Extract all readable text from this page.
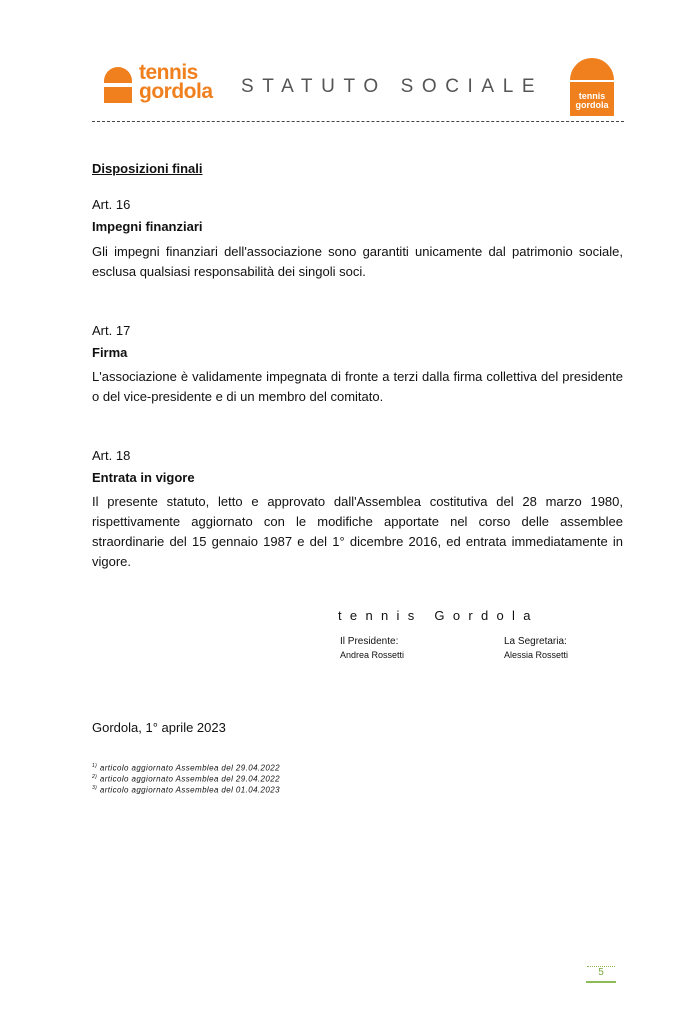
tennis
gordola STATUTO SOCIALE	tennis
gordola
Disposizioni finali
Art. 16
Impegni finanziari
Gli impegni finanziari dell'associazione sono garantiti unicamente dal patrimonio sociale, esclusa qualsiasi responsabilità dei singoli soci.
Art. 17
Firma
L'associazione è validamente impegnata di fronte a terzi dalla firma collettiva del presidente o del vice-presidente e di un membro del comitato.
Art. 18
Entrata in vigore
Il presente statuto, letto e approvato dall'Assemblea costitutiva del 28 marzo 1980, rispettivamente aggiornato con le modifiche apportate nel corso delle assemblee straordinarie del 15 gennaio 1987 e del 1° dicembre 2016, ed entrata immediatamente in vigore.
tennis Gordola
Il Presidente:
Andrea Rossetti
La Segretaria:
Alessia Rossetti
Gordola, 1° aprile 2023
$^{1)}$ articolo aggiornato Assemblea del 29.04.2022
$^{2)}$ articolo aggiornato Assemblea del 29.04.2022
$^{3)}$ articolo aggiornato Assemblea del 01.04.2023
5
